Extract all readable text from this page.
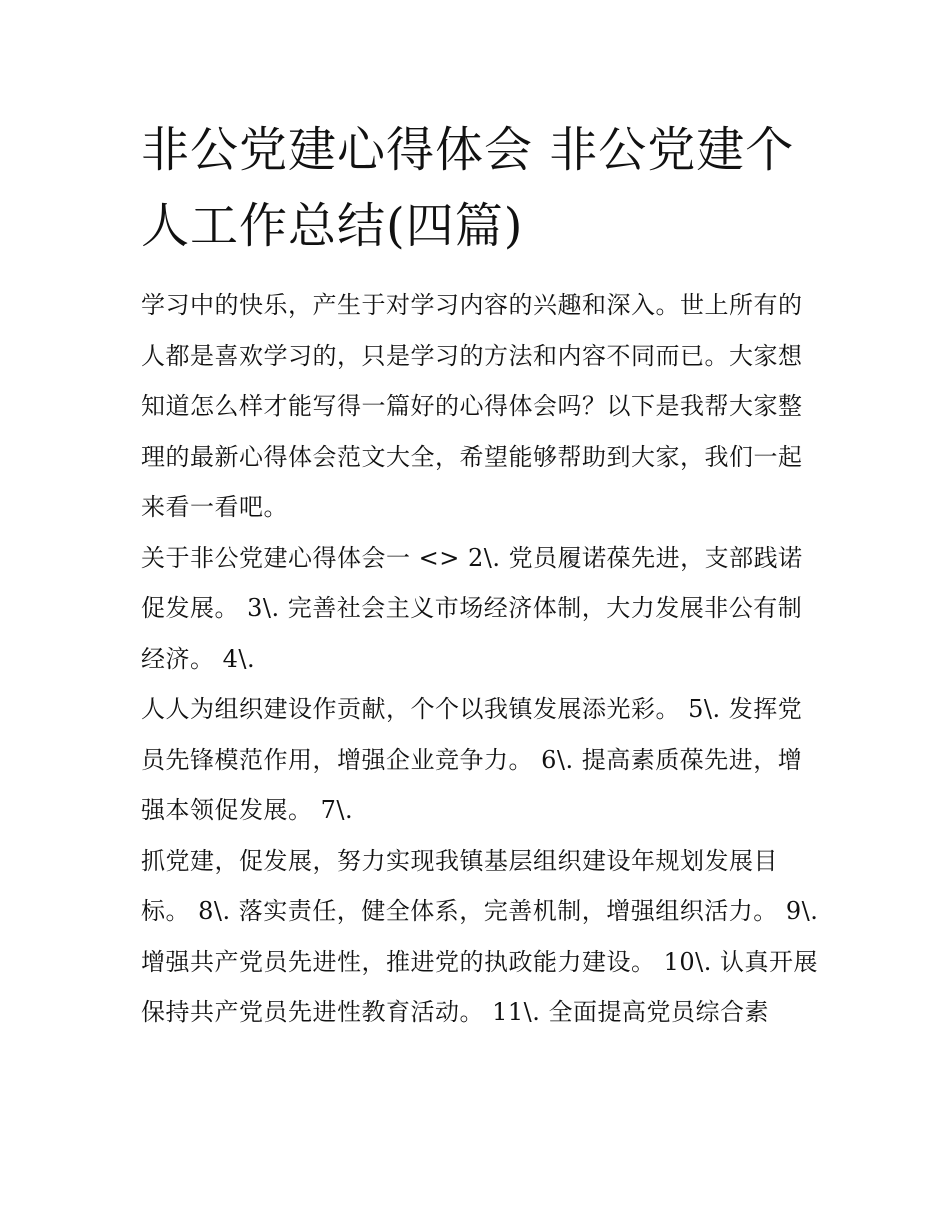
非公党建心得体会 非公党建个人工作总结(四篇)

学习中的快乐，产生于对学习内容的兴趣和深入。世上所有的人都是喜欢学习的，只是学习的方法和内容不同而已。大家想知道怎么样才能写得一篇好的心得体会吗？以下是我帮大家整理的最新心得体会范文大全，希望能够帮助到大家，我们一起来看一看吧。

关于非公党建心得体会一 <> 2\. 党员履诺葆先进，支部践诺促发展。 3\. 完善社会主义市场经济体制，大力发展非公有制经济。 4\.

人人为组织建设作贡献，个个以我镇发展添光彩。 5\. 发挥党员先锋模范作用，增强企业竞争力。 6\. 提高素质葆先进，增强本领促发展。 7\.

抓党建，促发展，努力实现我镇基层组织建设年规划发展目标。 8\. 落实责任，健全体系，完善机制，增强组织活力。 9\.

增强共产党员先进性，推进党的执政能力建设。 10\. 认真开展保持共产党员先进性教育活动。 11\. 全面提高党员综合素
